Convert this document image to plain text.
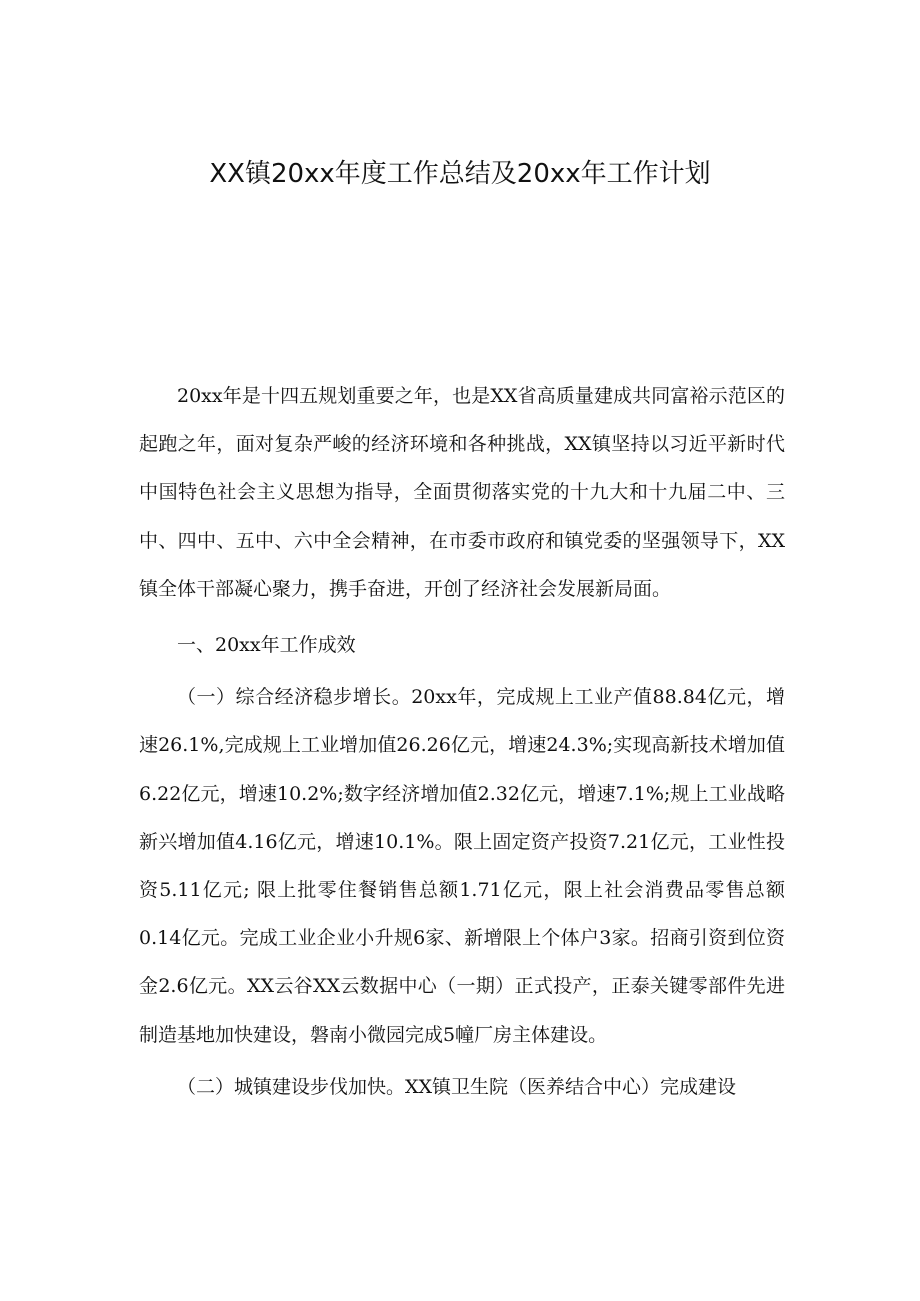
XX镇20xx年度工作总结及20xx年工作计划

20xx年是十四五规划重要之年，也是XX省高质量建成共同富裕示范区的起跑之年，面对复杂严峻的经济环境和各种挑战，XX镇坚持以习近平新时代中国特色社会主义思想为指导，全面贯彻落实党的十九大和十九届二中、三中、四中、五中、六中全会精神，在市委市政府和镇党委的坚强领导下，XX镇全体干部凝心聚力，携手奋进，开创了经济社会发展新局面。

一、20xx年工作成效

（一）综合经济稳步增长。20xx年，完成规上工业产值88.84亿元，增速26.1%,完成规上工业增加值26.26亿元，增速24.3%;实现高新技术增加值6.22亿元，增速10.2%;数字经济增加值2.32亿元，增速7.1%;规上工业战略新兴增加值4.16亿元，增速10.1%。限上固定资产投资7.21亿元，工业性投资5.11亿元; 限上批零住餐销售总额1.71亿元，限上社会消费品零售总额0.14亿元。完成工业企业小升规6家、新增限上个体户3家。招商引资到位资金2.6亿元。XX云谷XX云数据中心（一期）正式投产，正泰关键零部件先进制造基地加快建设，磐南小微园完成5幢厂房主体建设。

（二）城镇建设步伐加快。XX镇卫生院（医养结合中心）完成建设
